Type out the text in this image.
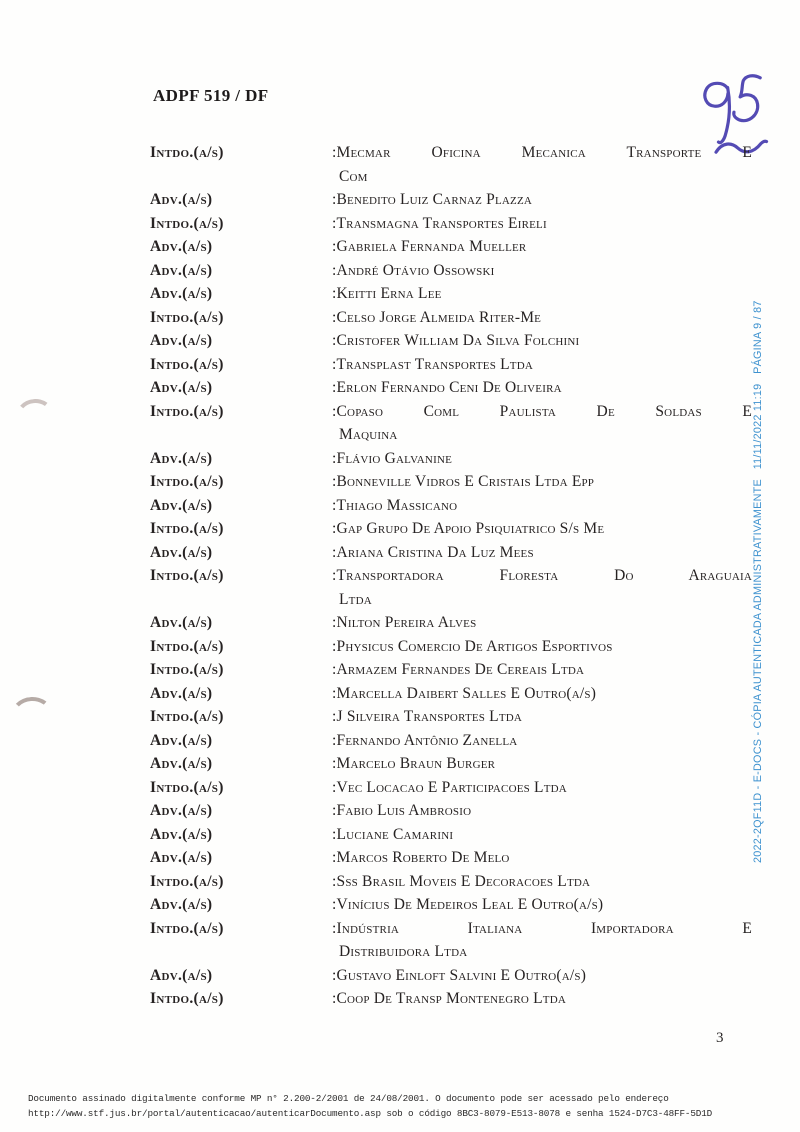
ADPF 519 / DF
Intdo.(a/s)	:Mecmar Oficina Mecanica Transporte E
Com
Adv.(a/s)	:Benedito Luiz Carnaz Plazza
Intdo.(a/s)	:Transmagna Transportes Eireli
Adv.(a/s)	:Gabriela Fernanda Mueller
Adv.(a/s)	:André Otávio Ossowski
Adv.(a/s)	:Keitti Erna Lee
Intdo.(a/s)	:Celso Jorge Almeida Riter-Me
Adv.(a/s)	:Cristofer William Da Silva Folchini
Intdo.(a/s)	:Transplast Transportes Ltda
Adv.(a/s)	:Erlon Fernando Ceni De Oliveira
Intdo.(a/s)	:Copaso Coml Paulista De Soldas E
Maquina
Adv.(a/s)	:Flávio Galvanine
Intdo.(a/s)	:Bonneville Vidros E Cristais Ltda Epp
Adv.(a/s)	:Thiago Massicano
Intdo.(a/s)	:Gap Grupo De Apoio Psiquiatrico S/s Me
Adv.(a/s)	:Ariana Cristina Da Luz Mees
Intdo.(a/s)	:Transportadora Floresta Do Araguaia
Ltda
Adv.(a/s)	:Nilton Pereira Alves
Intdo.(a/s)	:Physicus Comercio De Artigos Esportivos
Intdo.(a/s)	:Armazem Fernandes De Cereais Ltda
Adv.(a/s)	:Marcella Daibert Salles E Outro(a/s)
Intdo.(a/s)	:J Silveira Transportes Ltda
Adv.(a/s)	:Fernando Antônio Zanella
Adv.(a/s)	:Marcelo Braun Burger
Intdo.(a/s)	:Vec Locacao E Participacoes Ltda
Adv.(a/s)	:Fabio Luis Ambrosio
Adv.(a/s)	:Luciane Camarini
Adv.(a/s)	:Marcos Roberto De Melo
Intdo.(a/s)	:Sss Brasil Moveis E Decoracoes Ltda
Adv.(a/s)	:Vinícius De Medeiros Leal E Outro(a/s)
Intdo.(a/s)	:Indústria Italiana Importadora E
Distribuidora Ltda
Adv.(a/s)	:Gustavo Einloft Salvini E Outro(a/s)
Intdo.(a/s)	:Coop De Transp Montenegro Ltda
2022-2QF11D - E-DOCS - CÓPIA AUTENTICADA ADMINISTRATIVAMENTE   11/11/2022 11:19   PÁGINA 9 / 87
3
Documento assinado digitalmente conforme MP n° 2.200-2/2001 de 24/08/2001. O documento pode ser acessado pelo endereço
http://www.stf.jus.br/portal/autenticacao/autenticarDocumento.asp sob o código 8BC3-8079-E513-8078 e senha 1524-D7C3-48FF-5D1D
